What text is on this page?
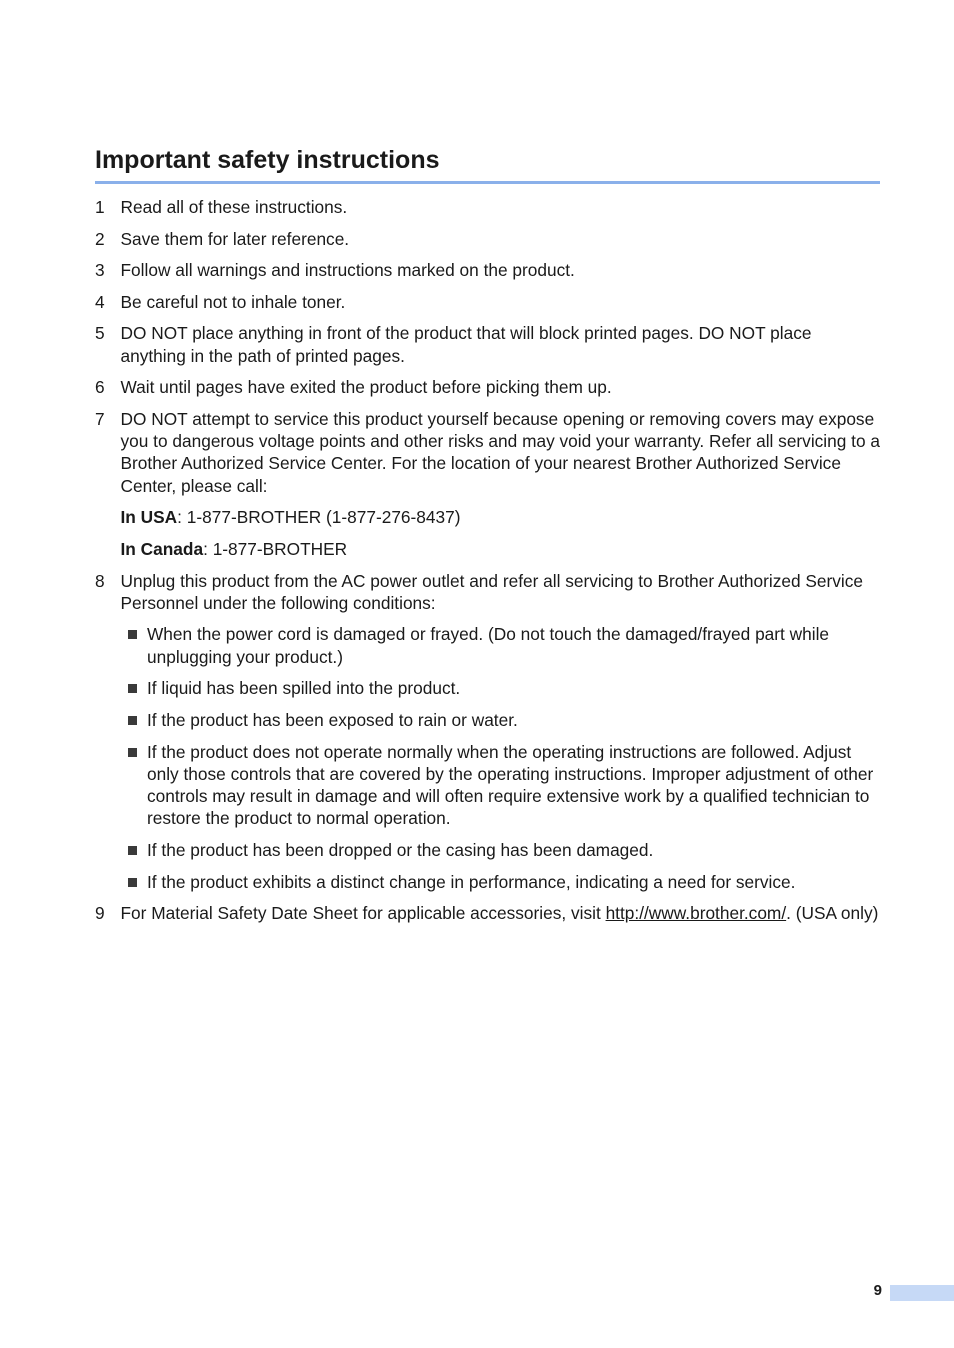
Important safety instructions
1 Read all of these instructions.
2 Save them for later reference.
3 Follow all warnings and instructions marked on the product.
4 Be careful not to inhale toner.
5 DO NOT place anything in front of the product that will block printed pages. DO NOT place anything in the path of printed pages.
6 Wait until pages have exited the product before picking them up.
7 DO NOT attempt to service this product yourself because opening or removing covers may expose you to dangerous voltage points and other risks and may void your warranty. Refer all servicing to a Brother Authorized Service Center. For the location of your nearest Brother Authorized Service Center, please call:
In USA: 1-877-BROTHER (1-877-276-8437)
In Canada: 1-877-BROTHER
8 Unplug this product from the AC power outlet and refer all servicing to Brother Authorized Service Personnel under the following conditions:
When the power cord is damaged or frayed. (Do not touch the damaged/frayed part while unplugging your product.)
If liquid has been spilled into the product.
If the product has been exposed to rain or water.
If the product does not operate normally when the operating instructions are followed. Adjust only those controls that are covered by the operating instructions. Improper adjustment of other controls may result in damage and will often require extensive work by a qualified technician to restore the product to normal operation.
If the product has been dropped or the casing has been damaged.
If the product exhibits a distinct change in performance, indicating a need for service.
9 For Material Safety Date Sheet for applicable accessories, visit http://www.brother.com/. (USA only)
9
